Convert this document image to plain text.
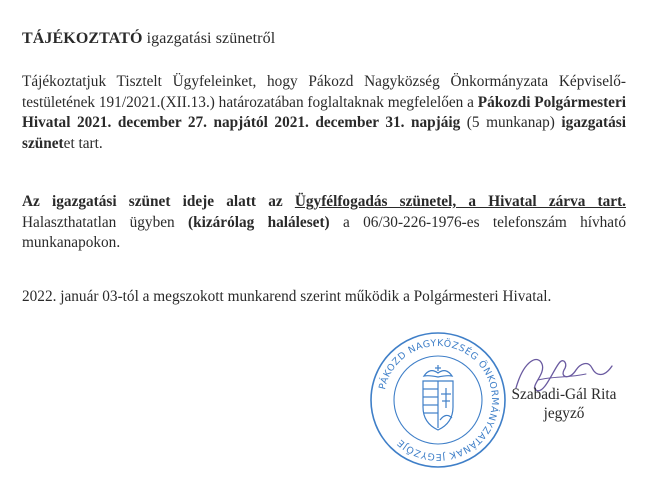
TÁJÉKOZTATÓ igazgatási szünetről

Tájékoztatjuk Tisztelt Ügyfeleinket, hogy Pákozd Nagyközség Önkormányzata Képviselő-testületének 191/2021.(XII.13.) határozatában foglaltaknak megfelelően a Pákozdi Polgármesteri Hivatal 2021. december 27. napjától 2021. december 31. napjáig (5 munkanap) igazgatási szünetet tart.

Az igazgatási szünet ideje alatt az Ügyfélfogadás szünetel, a Hivatal zárva tart. Halaszthatatlan ügyben (kizárólag haláleset) a 06/30-226-1976-es telefonszám hívható munkanapokon.

2022. január 03-tól a megszokott munkarend szerint működik a Polgármesteri Hivatal.

PÁKOZD NAGYKÖZSÉG ÖNKORMÁNYZATÁNAK JEGYZŐJE

Szabadi-Gál Rita
jegyző
